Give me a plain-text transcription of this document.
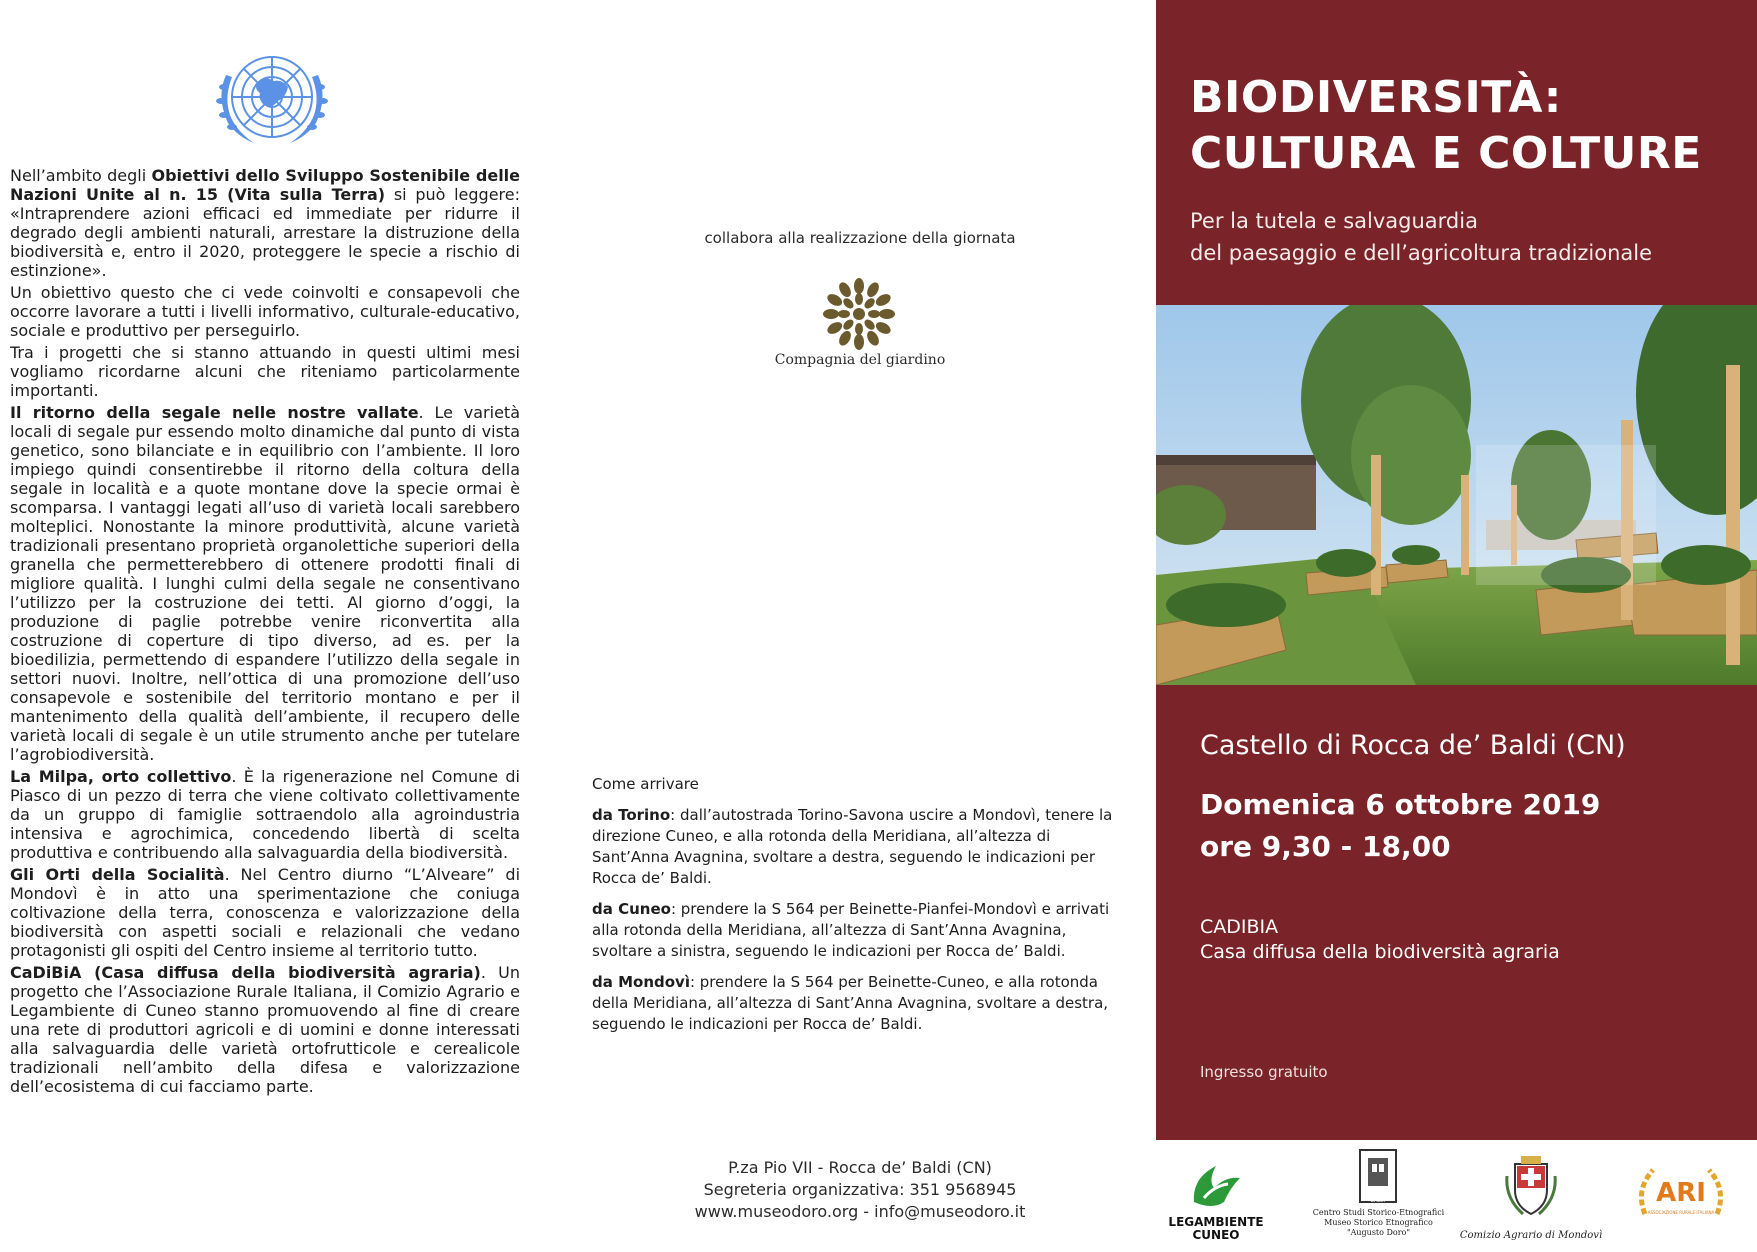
Nell’ambito degli Obiettivi dello Sviluppo Sostenibile delle Nazioni Unite al n. 15 (Vita sulla Terra) si può leggere: «Intraprendere azioni efficaci ed immediate per ridurre il degrado degli ambienti naturali, arrestare la distruzione della biodiversità e, entro il 2020, proteggere le specie a rischio di estinzione».

Un obiettivo questo che ci vede coinvolti e consapevoli che occorre lavorare a tutti i livelli informativo, culturale-educativo, sociale e produttivo per perseguirlo.

Tra i progetti che si stanno attuando in questi ultimi mesi vogliamo ricordarne alcuni che riteniamo particolarmente importanti.

Il ritorno della segale nelle nostre vallate. Le varietà locali di segale pur essendo molto dinamiche dal punto di vista genetico, sono bilanciate e in equilibrio con l’ambiente. Il loro impiego quindi consentirebbe il ritorno della coltura della segale in località e a quote montane dove la specie ormai è scomparsa. I vantaggi legati all’uso di varietà locali sarebbero molteplici. Nonostante la minore produttività, alcune varietà tradizionali presentano proprietà organolettiche superiori della granella che permetterebbero di ottenere prodotti finali di migliore qualità. I lunghi culmi della segale ne consentivano l’utilizzo per la costruzione dei tetti. Al giorno d’oggi, la produzione di paglie potrebbe venire riconvertita alla costruzione di coperture di tipo diverso, ad es. per la bioedilizia, permettendo di espandere l’utilizzo della segale in settori nuovi. Inoltre, nell’ottica di una promozione dell’uso consapevole e sostenibile del territorio montano e per il mantenimento della qualità dell’ambiente, il recupero delle varietà locali di segale è un utile strumento anche per tutelare l’agrobiodiversità.

La Milpa, orto collettivo. È la rigenerazione nel Comune di Piasco di un pezzo di terra che viene coltivato collettivamente da un gruppo di famiglie sottraendolo alla agroindustria intensiva e agrochimica, concedendo libertà di scelta produttiva e contribuendo alla salvaguardia della biodiversità.

Gli Orti della Socialità. Nel Centro diurno “L’Alveare” di Mondovì è in atto una sperimentazione che coniuga coltivazione della terra, conoscenza e valorizzazione della biodiversità con aspetti sociali e relazionali che vedano protagonisti gli ospiti del Centro insieme al territorio tutto.

CaDiBiA (Casa diffusa della biodiversità agraria). Un progetto che l’Associazione Rurale Italiana, il Comizio Agrario e Legambiente di Cuneo stanno promuovendo al fine di creare una rete di produttori agricoli e di uomini e donne interessati alla salvaguardia delle varietà ortofrutticole e cerealicole tradizionali nell’ambito della difesa e valorizzazione dell’ecosistema di cui facciamo parte.

collabora alla realizzazione della giornata
Compagnia del giardino

Come arrivare

da Torino: dall’autostrada Torino-Savona uscire a Mondovì, tenere la direzione Cuneo, e alla rotonda della Meridiana, all’altezza di Sant’Anna Avagnina, svoltare a destra, seguendo le indicazioni per Rocca de’ Baldi.

da Cuneo: prendere la S 564 per Beinette-Pianfei-Mondovì e arrivati alla rotonda della Meridiana, all’altezza di Sant’Anna Avagnina, svoltare a sinistra, seguendo le indicazioni per Rocca de’ Baldi.

da Mondovì: prendere la S 564 per Beinette-Cuneo, e alla rotonda della Meridiana, all’altezza di Sant’Anna Avagnina, svoltare a destra, seguendo le indicazioni per Rocca de’ Baldi.

P.za Pio VII - Rocca de’ Baldi (CN)
Segreteria organizzativa: 351 9568945
www.museodoro.org - info@museodoro.it
BIODIVERSITÀ:
CULTURA E COLTURE
Per la tutela e salvaguardia
del paesaggio e dell’agricoltura tradizionale
Castello di Rocca de’ Baldi (CN)
Domenica 6 ottobre 2019
ore 9,30 - 18,00
CADIBIA
Casa diffusa della biodiversità agraria
Ingresso gratuito
LEGAMBIENTE
CUNEO
ROCCA DE' BALDI
Centro Studi Storico-Etnografici
Museo Storico Etnografico
"Augusto Doro"	Comizio Agrario di Mondovì
ARI
ASSOCIAZIONE RURALE ITALIANA
